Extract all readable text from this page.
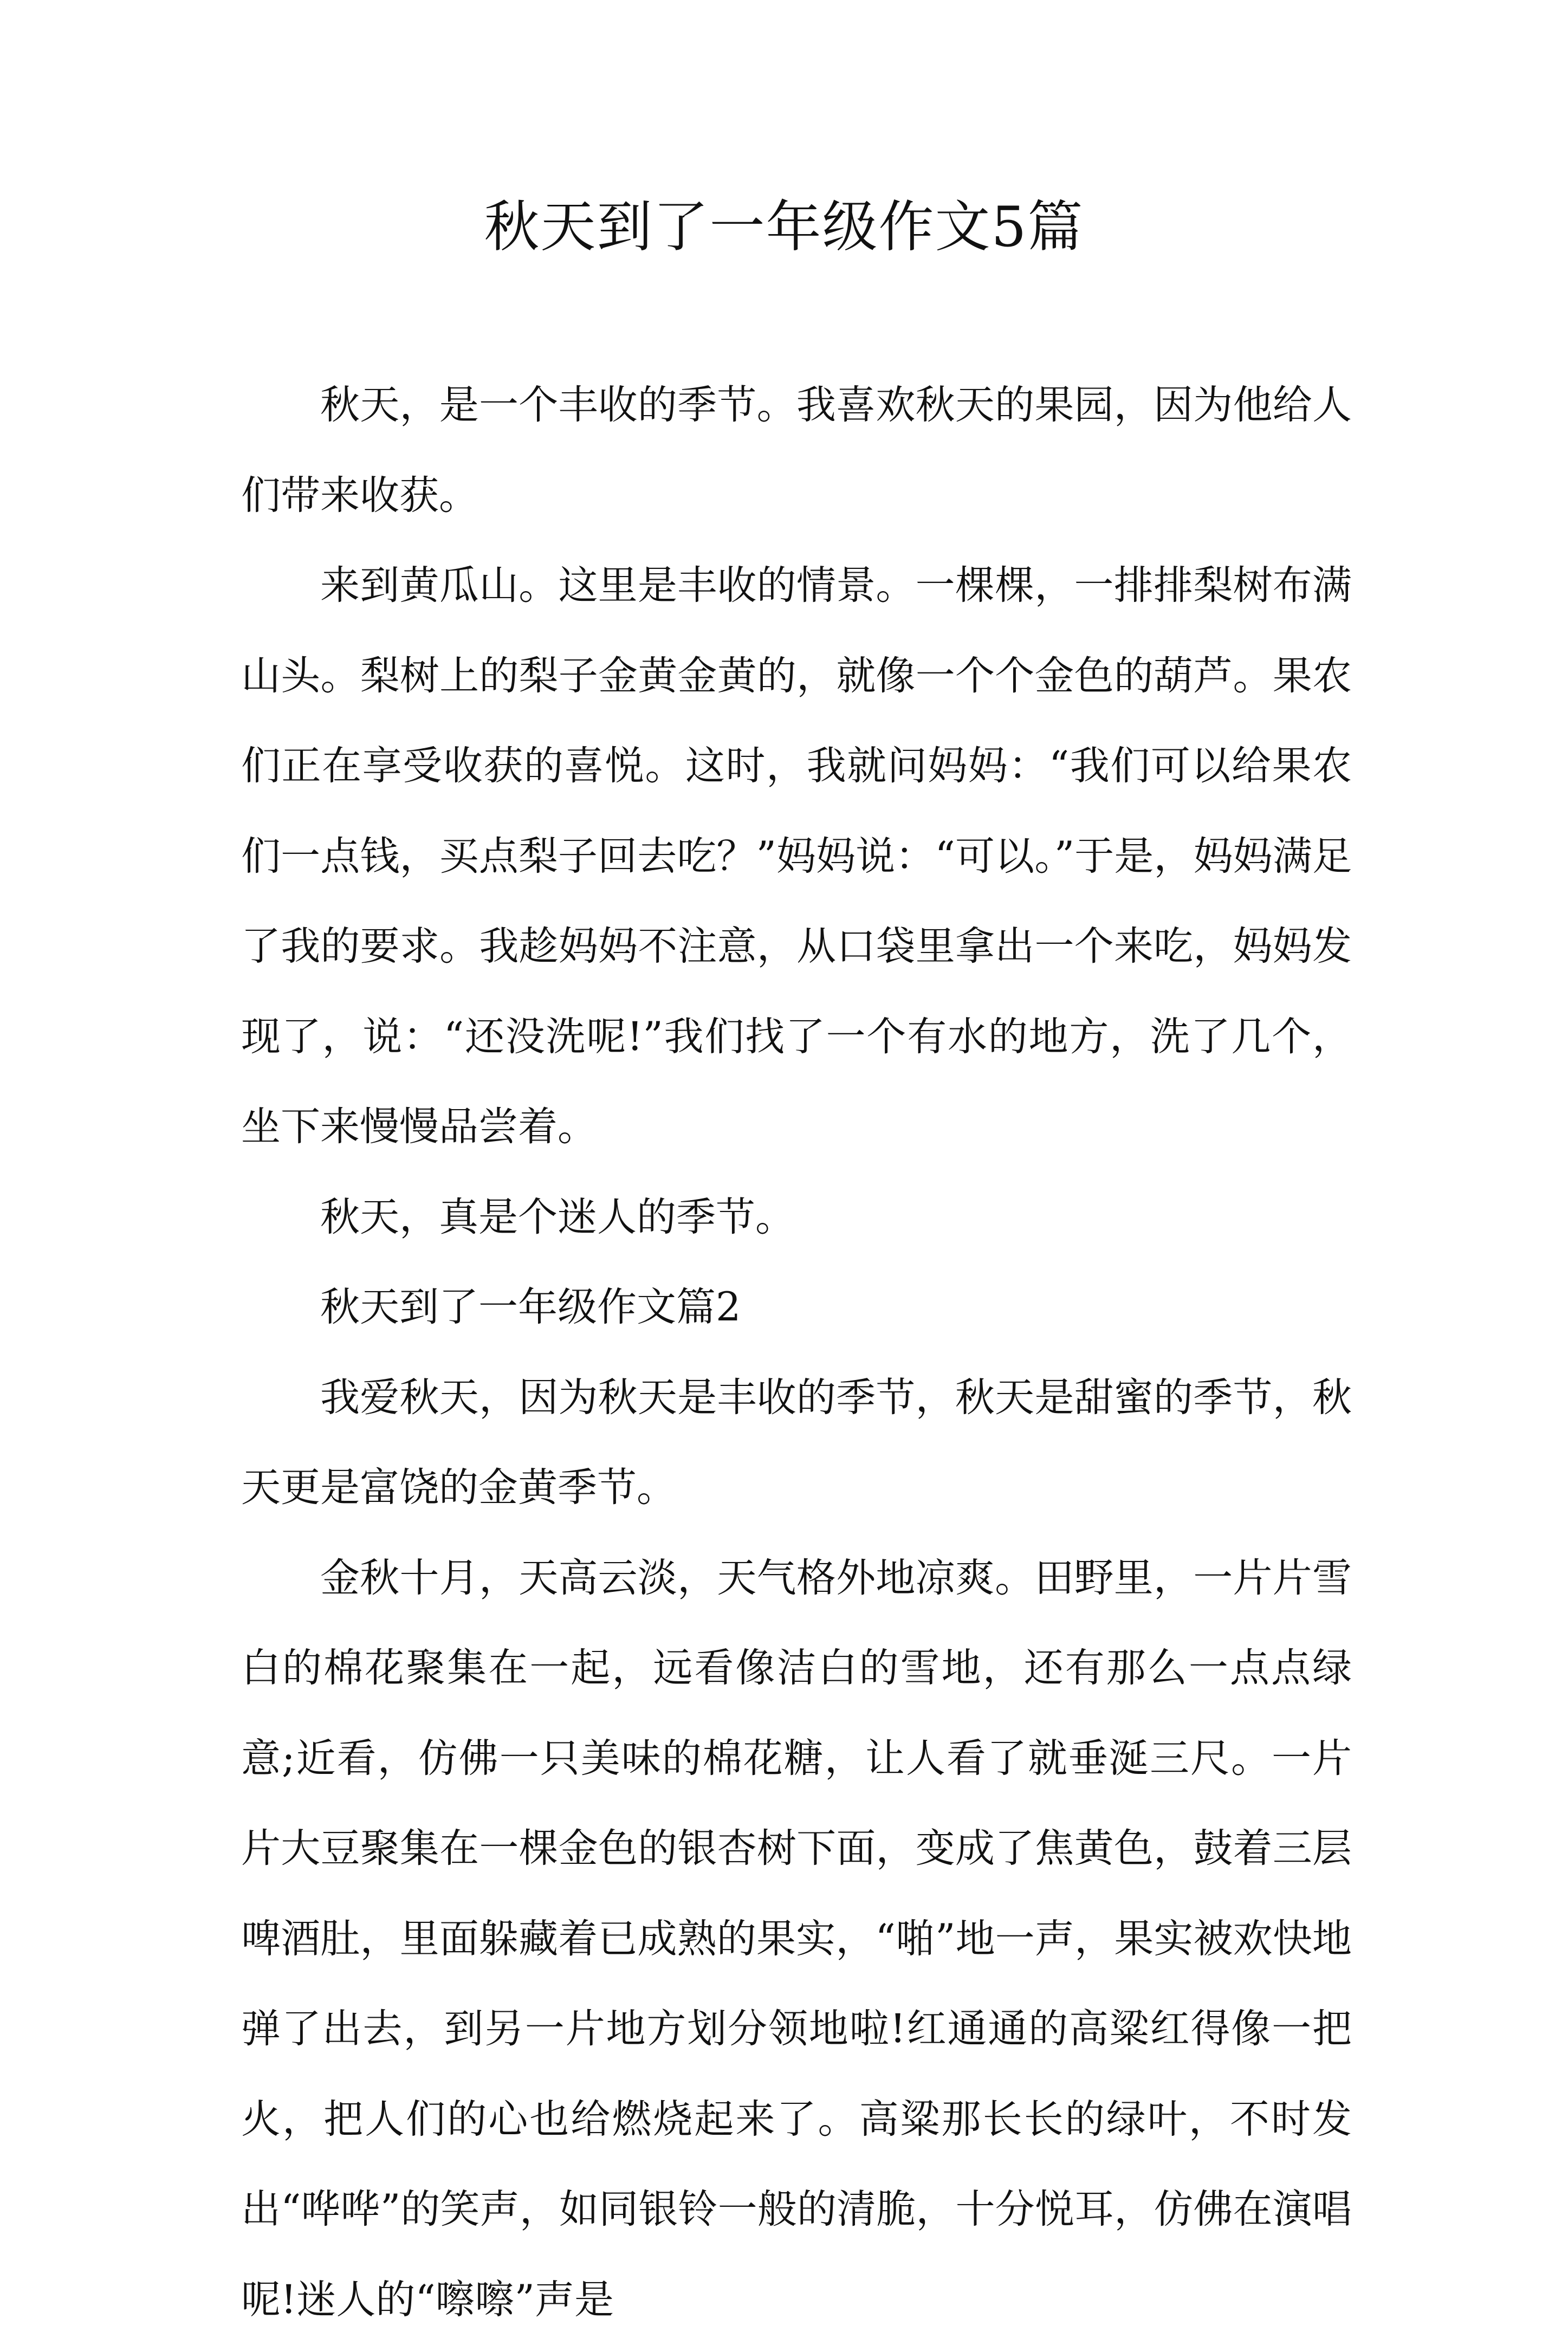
秋天到了一年级作文5篇

秋天，是一个丰收的季节。我喜欢秋天的果园，因为他给人们带来收获。

来到黄瓜山。这里是丰收的情景。一棵棵，一排排梨树布满山头。梨树上的梨子金黄金黄的，就像一个个金色的葫芦。果农们正在享受收获的喜悦。这时，我就问妈妈：“我们可以给果农们一点钱，买点梨子回去吃？”妈妈说：“可以。”于是，妈妈满足了我的要求。我趁妈妈不注意，从口袋里拿出一个来吃，妈妈发现了，说：“还没洗呢!”我们找了一个有水的地方，洗了几个，坐下来慢慢品尝着。

秋天，真是个迷人的季节。

秋天到了一年级作文篇2

我爱秋天，因为秋天是丰收的季节，秋天是甜蜜的季节，秋天更是富饶的金黄季节。

金秋十月，天高云淡，天气格外地凉爽。田野里，一片片雪白的棉花聚集在一起，远看像洁白的雪地，还有那么一点点绿意;近看，仿佛一只美味的棉花糖，让人看了就垂涎三尺。一片片大豆聚集在一棵金色的银杏树下面，变成了焦黄色，鼓着三层啤酒肚，里面躲藏着已成熟的果实，“啪”地一声，果实被欢快地弹了出去，到另一片地方划分领地啦!红通通的高粱红得像一把火，把人们的心也给燃烧起来了。高粱那长长的绿叶，不时发出“哗哗”的笑声，如同银铃一般的清脆，十分悦耳，仿佛在演唱呢!迷人的“嚓嚓”声是
